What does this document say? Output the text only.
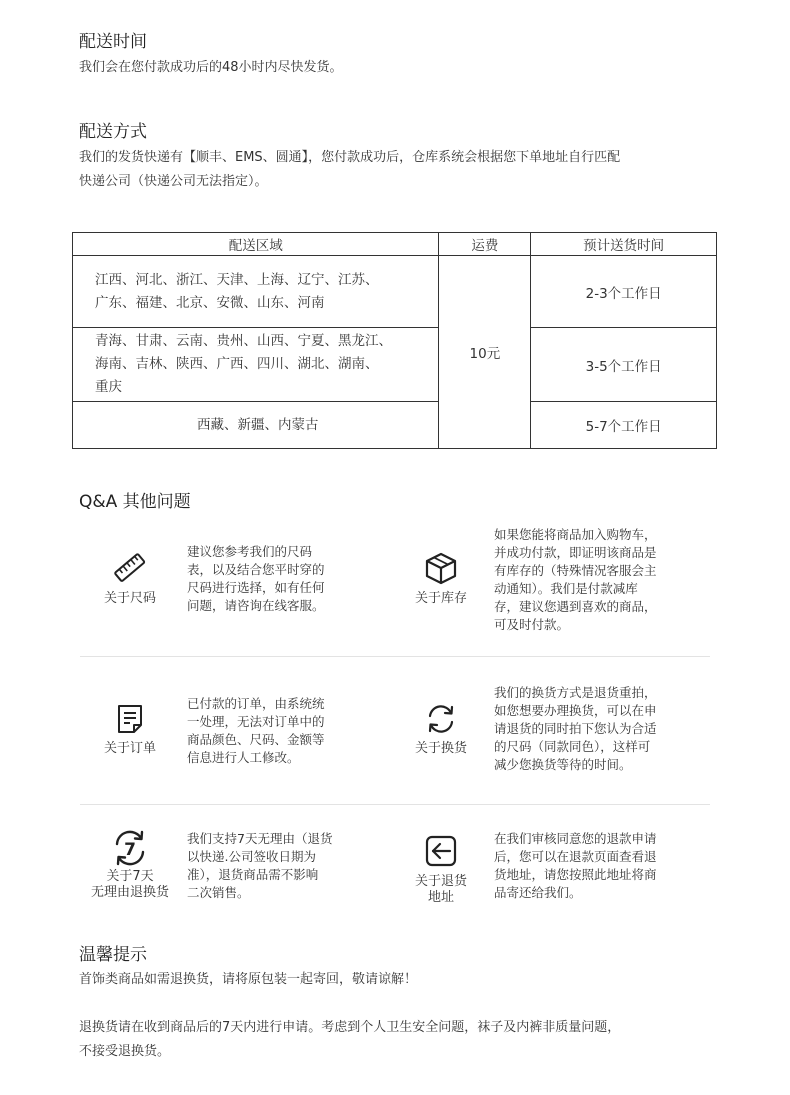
配送时间

我们会在您付款成功后的48小时内尽快发货。

配送方式

我们的发货快递有【顺丰、EMS、圆通】，您付款成功后，仓库系统会根据您下单地址自行匹配

快递公司（快递公司无法指定）。

配送区域	运费	预计送货时间

江西、河北、浙江、天津、上海、辽宁、江苏、
广东、福建、北京、安微、山东、河南	10元	2-3个工作日

青海、甘肃、云南、贵州、山西、宁夏、黑龙江、
海南、吉林、陕西、广西、四川、湖北、湖南、
重庆		3-5个工作日

西藏、新疆、内蒙古		5-7个工作日
Q&A 其他问题
关于尺码
建议您参考我们的尺码
表，以及结合您平时穿的
尺码进行选择，如有任何
问题，请咨询在线客服。	关于库存
如果您能将商品加入购物车，
并成功付款，即证明该商品是
有库存的（特殊情况客服会主
动通知）。我们是付款减库
存，建议您遇到喜欢的商品，
可及时付款。
关于订单
已付款的订单，由系统统
一处理，无法对订单中的
商品颜色、尺码、金额等
信息进行人工修改。
关于换货
我们的换货方式是退货重拍，
如您想要办理换货，可以在申
请退货的同时拍下您认为合适
的尺码（同款同色），这样可
减少您换货等待的时间。
7
关于7天
无理由退换货
我们支持7天无理由（退货
以快递.公司签收日期为
准），退货商品需不影响
二次销售。
关于退货
地址
在我们审核同意您的退款申请
后，您可以在退款页面查看退
货地址，请您按照此地址将商
品寄还给我们。
温馨提示

首饰类商品如需退换货，请将原包装一起寄回，敬请谅解！

退换货请在收到商品后的7天内进行申请。考虑到个人卫生安全问题，袜子及内裤非质量问题，

不接受退换货。
